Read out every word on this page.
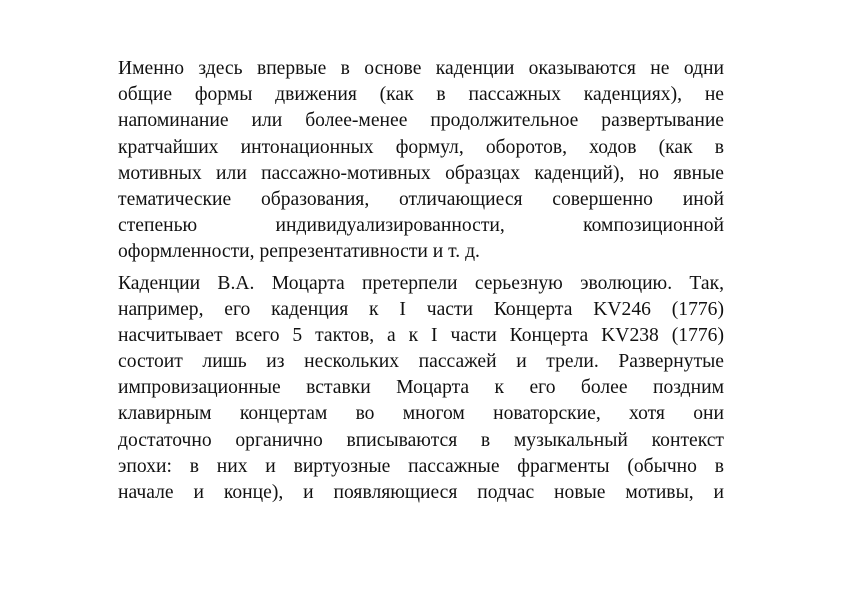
Именно здесь впервые в основе каденции оказываются не одни
общие формы движения (как в пассажных каденциях), не
напоминание или более-менее продолжительное развертывание
кратчайших интонационных формул, оборотов, ходов (как в
мотивных или пассажно-мотивных образцах каденций), но явные
тематические образования, отличающиеся совершенно иной
степенью индивидуализированности, композиционной
оформленности, репрезентативности и т. д.
Каденции В.А. Моцарта претерпели серьезную эволюцию. Так,
например, его каденция к I части Концерта KV246 (1776)
насчитывает всего 5 тактов, а к I части Концерта KV238 (1776)
состоит лишь из нескольких пассажей и трели. Развернутые
импровизационные вставки Моцарта к его более поздним
клавирным концертам во многом новаторские, хотя они
достаточно органично вписываются в музыкальный контекст
эпохи: в них и виртуозные пассажные фрагменты (обычно в
начале и конце), и появляющиеся подчас новые мотивы, и
